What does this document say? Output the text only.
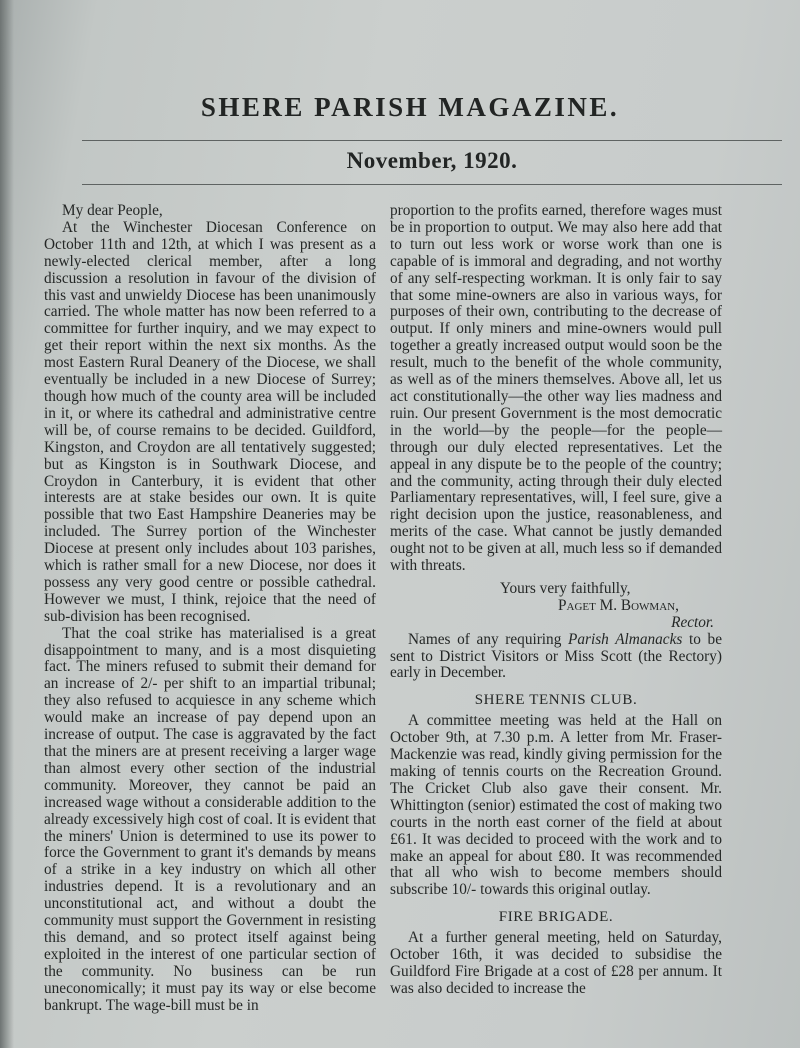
SHERE PARISH MAGAZINE.
November, 1920.

My dear People,

At the Winchester Diocesan Conference on October 11th and 12th, at which I was present as a newly-elected clerical member, after a long discussion a resolution in favour of the division of this vast and unwieldy Diocese has been unanimously carried. The whole matter has now been referred to a committee for further inquiry, and we may expect to get their report within the next six months. As the most Eastern Rural Deanery of the Diocese, we shall eventually be included in a new Diocese of Surrey; though how much of the county area will be included in it, or where its cathedral and administrative centre will be, of course remains to be decided. Guildford, Kingston, and Croydon are all tentatively suggested; but as Kingston is in Southwark Diocese, and Croydon in Canterbury, it is evident that other interests are at stake besides our own. It is quite possible that two East Hampshire Deaneries may be included. The Surrey portion of the Winchester Diocese at present only includes about 103 parishes, which is rather small for a new Diocese, nor does it possess any very good centre or possible cathedral. However we must, I think, rejoice that the need of sub-division has been recognised.

That the coal strike has materialised is a great disappointment to many, and is a most disquieting fact. The miners refused to submit their demand for an increase of 2/- per shift to an impartial tribunal; they also refused to acquiesce in any scheme which would make an increase of pay depend upon an increase of output. The case is aggravated by the fact that the miners are at present receiving a larger wage than almost every other section of the industrial community. Moreover, they cannot be paid an increased wage without a considerable addition to the already excessively high cost of coal. It is evident that the miners' Union is determined to use its power to force the Government to grant it's demands by means of a strike in a key industry on which all other industries depend. It is a revolutionary and an unconstitutional act, and without a doubt the community must support the Government in resisting this demand, and so protect itself against being exploited in the interest of one particular section of the community. No business can be run uneconomically; it must pay its way or else become bankrupt. The wage-bill must be in

proportion to the profits earned, therefore wages must be in proportion to output. We may also here add that to turn out less work or worse work than one is capable of is immoral and degrading, and not worthy of any self-respecting workman. It is only fair to say that some mine-owners are also in various ways, for purposes of their own, contributing to the decrease of output. If only miners and mine-owners would pull together a greatly increased output would soon be the result, much to the benefit of the whole community, as well as of the miners themselves. Above all, let us act constitutionally—the other way lies madness and ruin. Our present Government is the most democratic in the world—by the people—for the people—through our duly elected representatives. Let the appeal in any dispute be to the people of the country; and the community, acting through their duly elected Parliamentary representatives, will, I feel sure, give a right decision upon the justice, reasonableness, and merits of the case. What cannot be justly demanded ought not to be given at all, much less so if demanded with threats.

Yours very faithfully,

Paget M. Bowman,

Rector.

Names of any requiring Parish Almanacks to be sent to District Visitors or Miss Scott (the Rectory) early in December.

SHERE TENNIS CLUB.

A committee meeting was held at the Hall on October 9th, at 7.30 p.m. A letter from Mr. Fraser-Mackenzie was read, kindly giving permission for the making of tennis courts on the Recreation Ground. The Cricket Club also gave their consent. Mr. Whittington (senior) estimated the cost of making two courts in the north east corner of the field at about £61. It was decided to proceed with the work and to make an appeal for about £80. It was recommended that all who wish to become members should subscribe 10/- towards this original outlay.

FIRE BRIGADE.

At a further general meeting, held on Saturday, October 16th, it was decided to subsidise the Guildford Fire Brigade at a cost of £28 per annum. It was also decided to increase the
